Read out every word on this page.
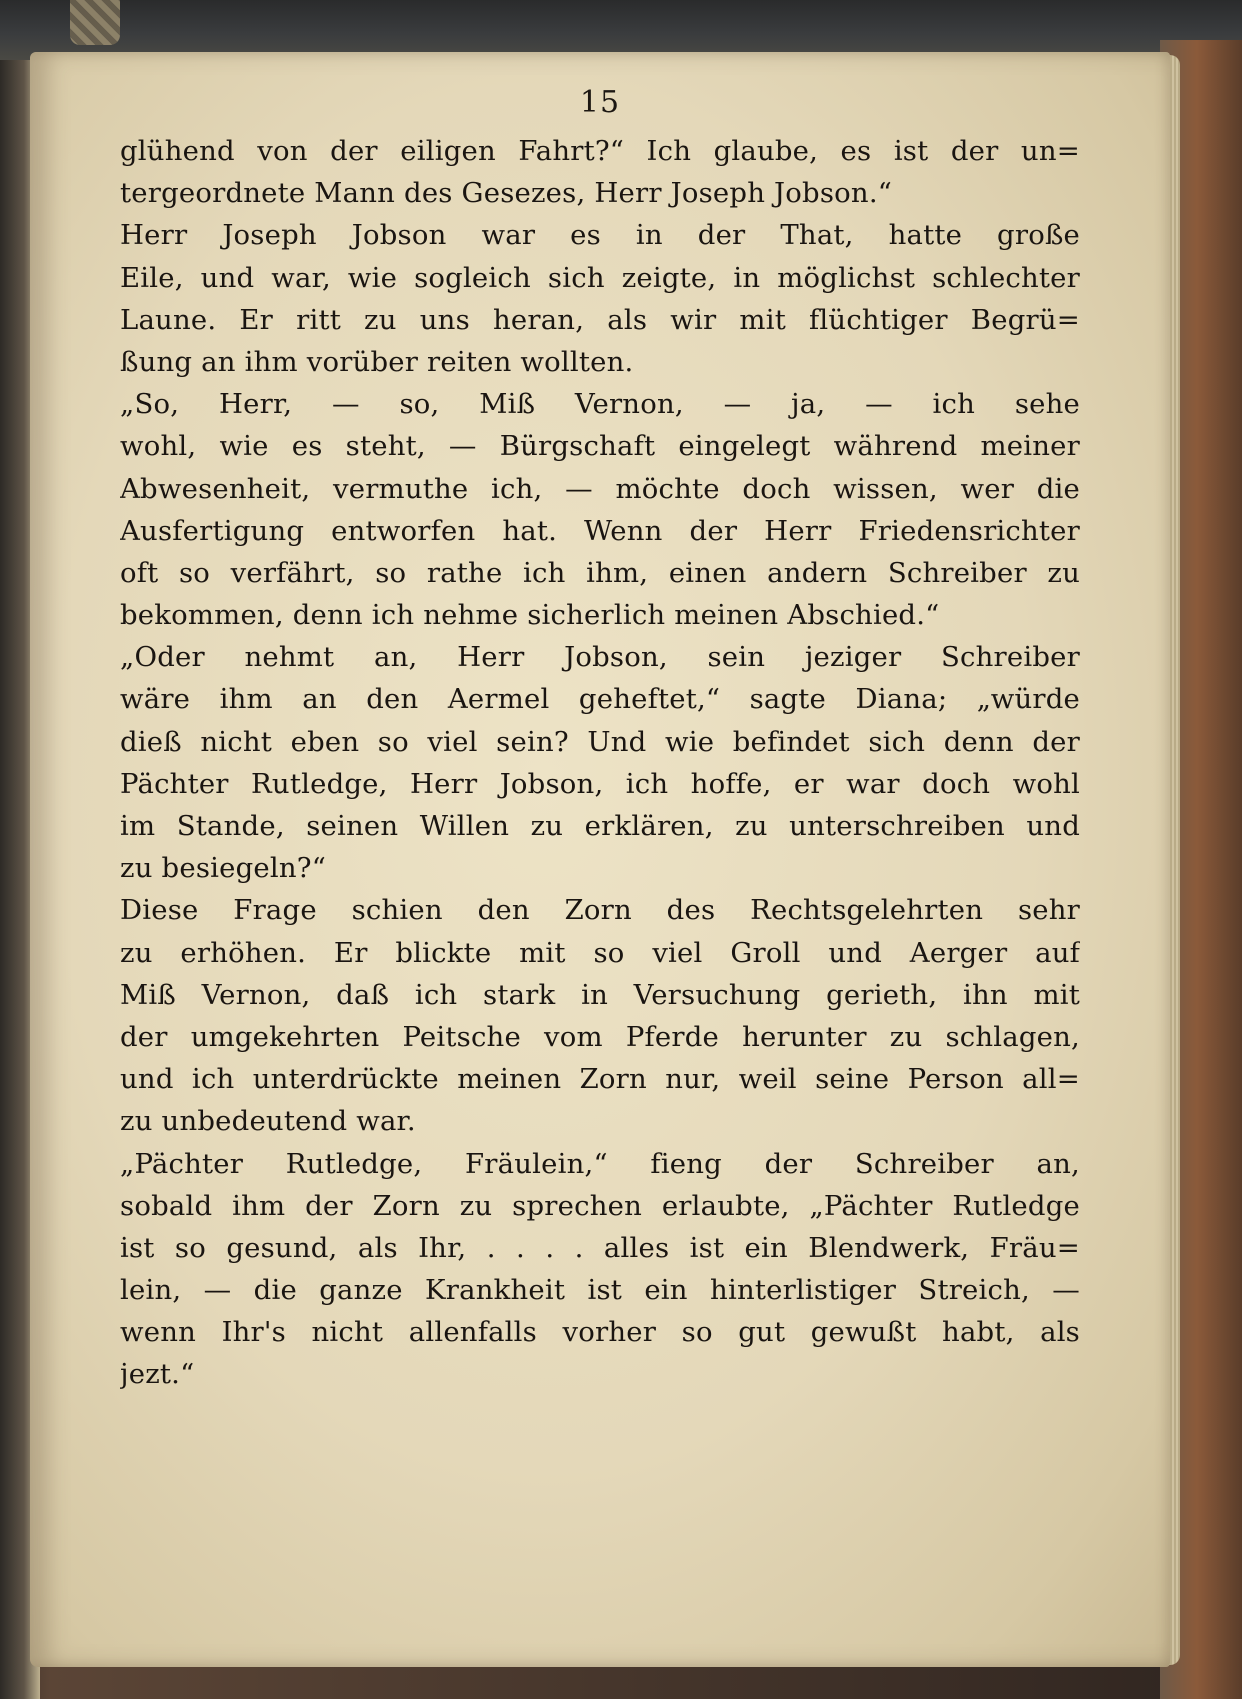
15
glühend von der eiligen Fahrt?“ Ich glaube, es ist der un=
tergeordnete Mann des Gesezes, Herr Joseph Jobson.“
Herr Joseph Jobson war es in der That, hatte große
Eile, und war, wie sogleich sich zeigte, in möglichst schlechter
Laune. Er ritt zu uns heran, als wir mit flüchtiger Begrü=
ßung an ihm vorüber reiten wollten.
„So, Herr, — so, Miß Vernon, — ja, — ich sehe
wohl, wie es steht, — Bürgschaft eingelegt während meiner
Abwesenheit, vermuthe ich, — möchte doch wissen, wer die
Ausfertigung entworfen hat. Wenn der Herr Friedensrichter
oft so verfährt, so rathe ich ihm, einen andern Schreiber zu
bekommen, denn ich nehme sicherlich meinen Abschied.“
„Oder nehmt an, Herr Jobson, sein jeziger Schreiber
wäre ihm an den Aermel geheftet,“ sagte Diana; „würde
dieß nicht eben so viel sein? Und wie befindet sich denn der
Pächter Rutledge, Herr Jobson, ich hoffe, er war doch wohl
im Stande, seinen Willen zu erklären, zu unterschreiben und
zu besiegeln?“
Diese Frage schien den Zorn des Rechtsgelehrten sehr
zu erhöhen. Er blickte mit so viel Groll und Aerger auf
Miß Vernon, daß ich stark in Versuchung gerieth, ihn mit
der umgekehrten Peitsche vom Pferde herunter zu schlagen,
und ich unterdrückte meinen Zorn nur, weil seine Person all=
zu unbedeutend war.
„Pächter Rutledge, Fräulein,“ fieng der Schreiber an,
sobald ihm der Zorn zu sprechen erlaubte, „Pächter Rutledge
ist so gesund, als Ihr, . . . . alles ist ein Blendwerk, Fräu=
lein, — die ganze Krankheit ist ein hinterlistiger Streich, —
wenn Ihr's nicht allenfalls vorher so gut gewußt habt, als
jezt.“
